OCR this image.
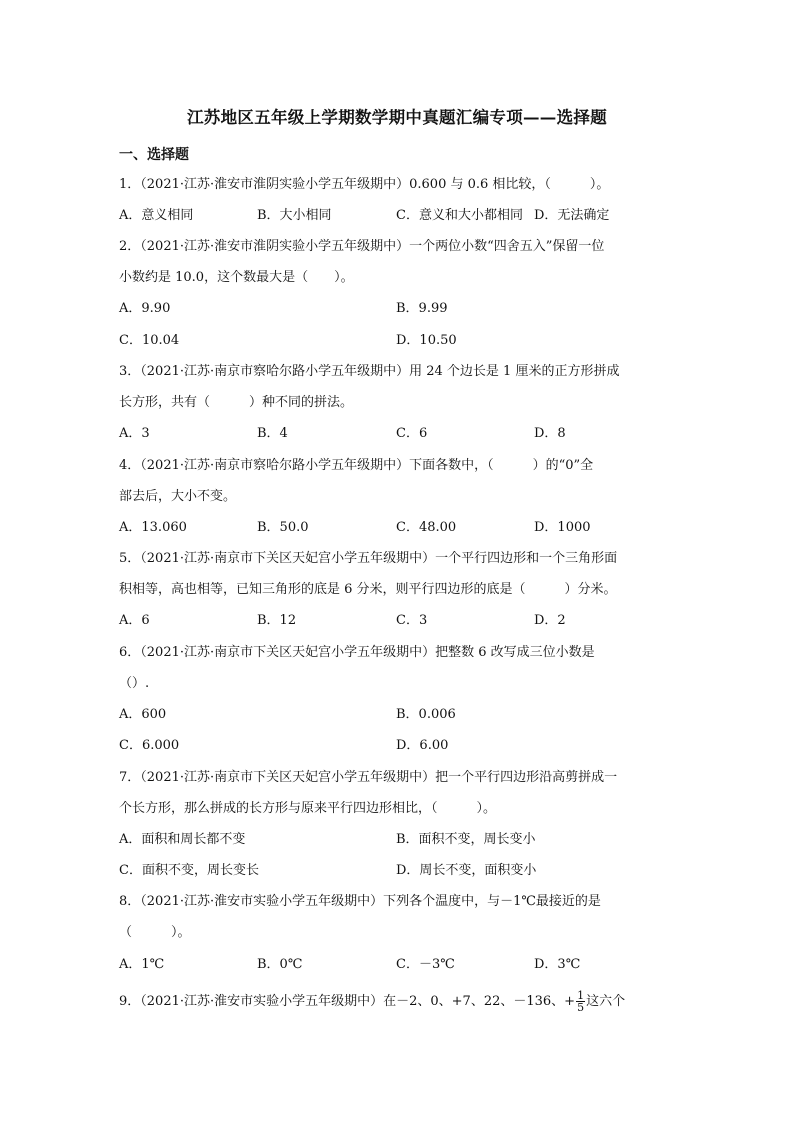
江苏地区五年级上学期数学期中真题汇编专项——选择题
一、选择题
1．（2021·江苏·淮安市淮阴实验小学五年级期中）0.600 与 0.6 相比较，（　　　）。
A．意义相同	B．大小相同	C．意义和大小都相同 D．无法确定
2．（2021·江苏·淮安市淮阴实验小学五年级期中）一个两位小数“四舍五入”保留一位
小数约是 10.0，这个数最大是（　　）。
A．9.90	B．9.99
C．10.04	D．10.50
3．（2021·江苏·南京市察哈尔路小学五年级期中）用 24 个边长是 1 厘米的正方形拼成
长方形，共有（　　　）种不同的拼法。
A．3	B．4	C．6	D．8
4．（2021·江苏·南京市察哈尔路小学五年级期中）下面各数中，（　　　）的“0”全
部去后，大小不变。
A．13.060	B．50.0	C．48.00	D．1000
5．（2021·江苏·南京市下关区天妃宫小学五年级期中）一个平行四边形和一个三角形面
积相等，高也相等，已知三角形的底是 6 分米，则平行四边形的底是（　　　）分米。
A．6	B．12	C．3	D．2
6．（2021·江苏·南京市下关区天妃宫小学五年级期中）把整数 6 改写成三位小数是
（）.
A．600	B．0.006
C．6.000	D．6.00
7．（2021·江苏·南京市下关区天妃宫小学五年级期中）把一个平行四边形沿高剪拼成一
个长方形，那么拼成的长方形与原来平行四边形相比，（　　　）。
A．面积和周长都不变	B．面积不变，周长变小
C．面积不变，周长变长	D．周长不变，面积变小
8．（2021·江苏·淮安市实验小学五年级期中）下列各个温度中，与－1℃最接近的是
（　　　）。
A．1℃	B．0℃	C．－3℃	D．3℃
9．（2021·江苏·淮安市实验小学五年级期中）在－2、0、+7、22、－136、+ $\frac{1}{5}$ 这六个
